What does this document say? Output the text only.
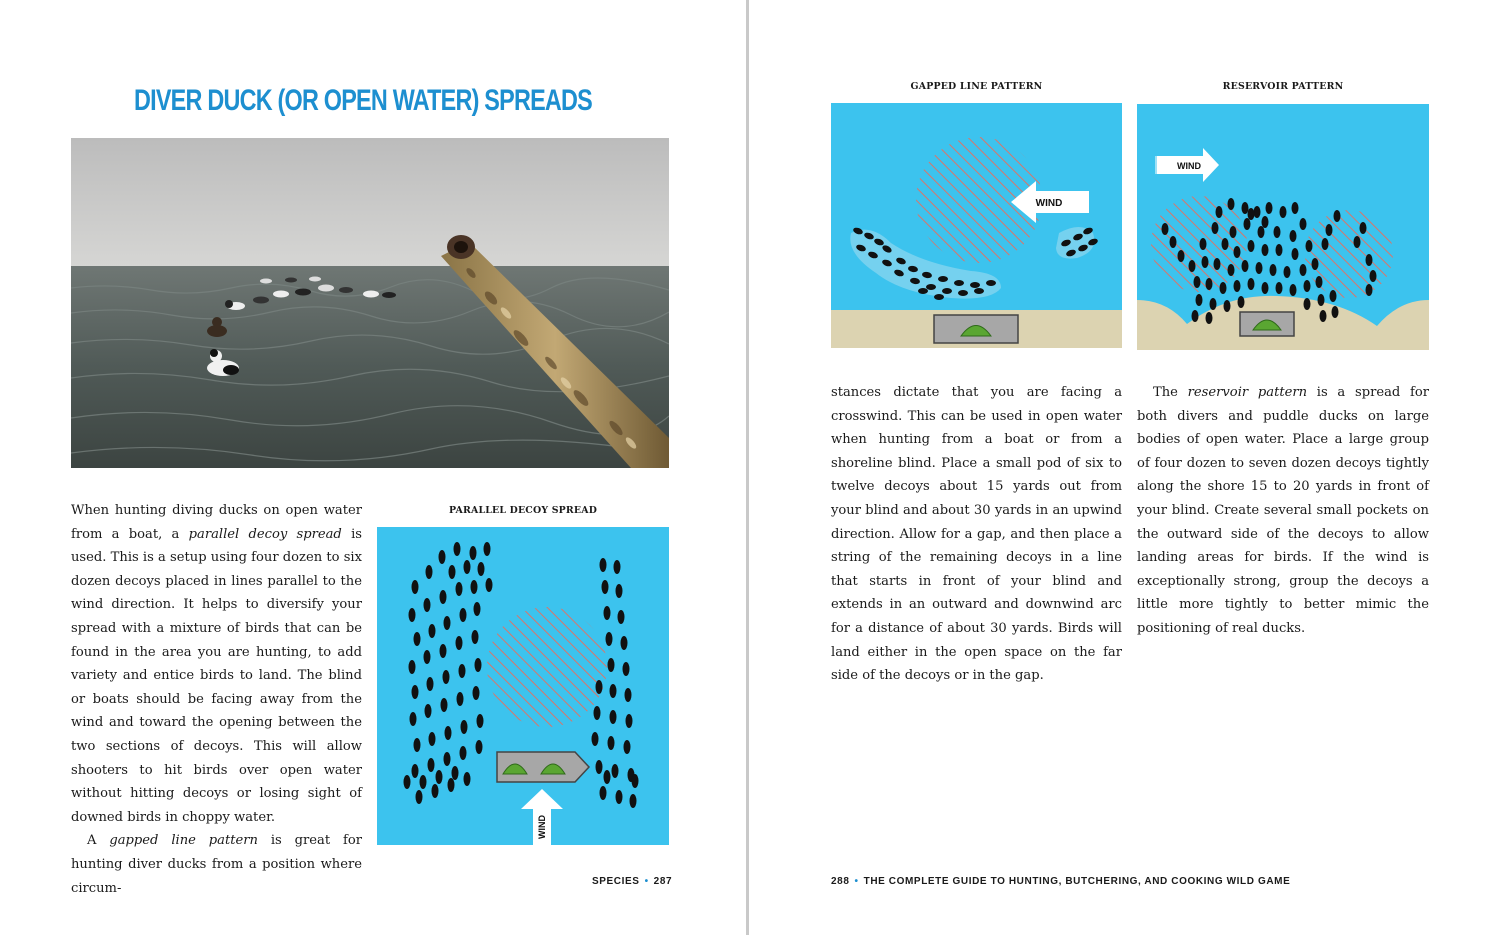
DIVER DUCK (OR OPEN WATER) SPREADS

When hunting diving ducks on open water from a boat, a parallel decoy spread is used. This is a setup using four dozen to six dozen decoys placed in lines parallel to the wind direction. It helps to diversify your spread with a mixture of birds that can be found in the area you are hunting, to add variety and entice birds to land. The blind or boats should be facing away from the wind and toward the opening between the two sections of decoys. This will allow shooters to hit birds over open water without hitting decoys or losing sight of downed birds in choppy water.

A gapped line pattern is great for hunting diver ducks from a position where circum-

PARALLEL DECOY SPREAD
WIND
SPECIES • 287
GAPPED LINE PATTERN
WIND
RESERVOIR PATTERN
WIND

stances dictate that you are facing a crosswind. This can be used in open water when hunting from a boat or from a shoreline blind. Place a small pod of six to twelve decoys about 15 yards out from your blind and about 30 yards in an upwind direction. Allow for a gap, and then place a string of the remaining decoys in a line that starts in front of your blind and extends in an outward and downwind arc for a distance of about 30 yards. Birds will land either in the open space on the far side of the decoys or in the gap.

The reservoir pattern is a spread for both divers and puddle ducks on large bodies of open water. Place a large group of four dozen to seven dozen decoys tightly along the shore 15 to 20 yards in front of your blind. Create several small pockets on the outward side of the decoys to allow landing areas for birds. If the wind is exceptionally strong, group the decoys a little more tightly to better mimic the positioning of real ducks.

288 • THE COMPLETE GUIDE TO HUNTING, BUTCHERING, AND COOKING WILD GAME
